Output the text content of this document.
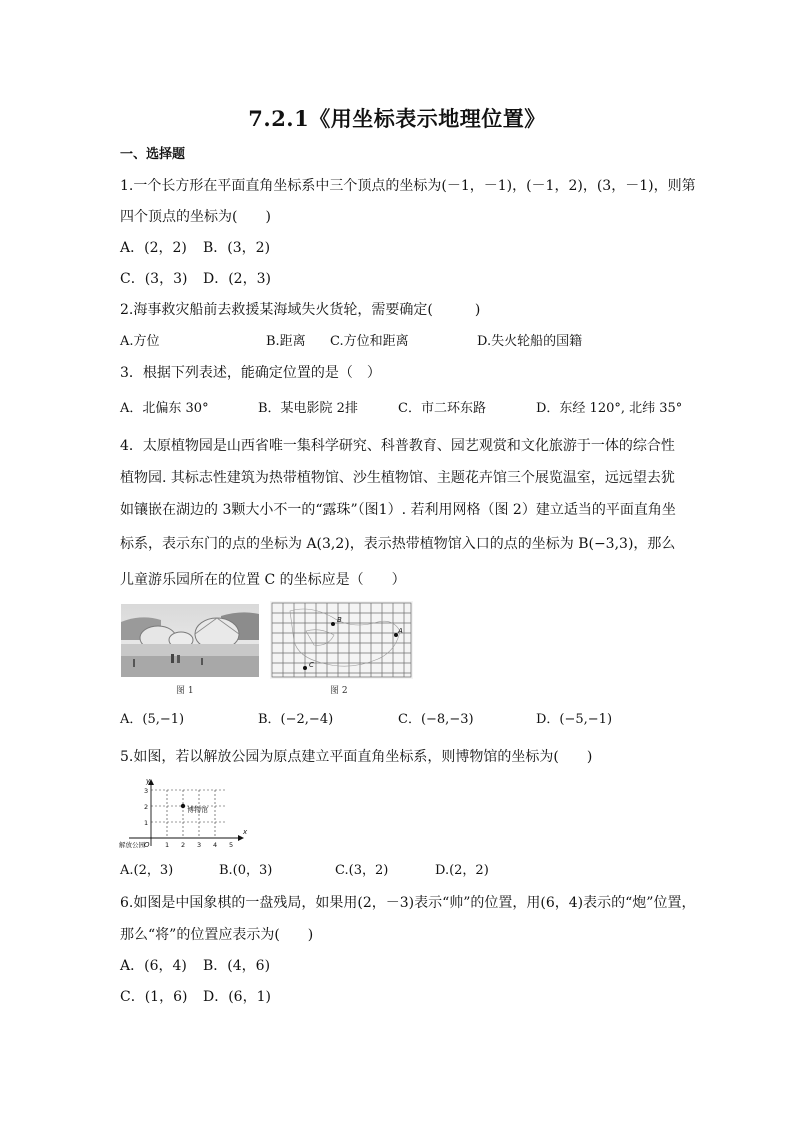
7.2.1《用坐标表示地理位置》
一、选择题
1.一个长方形在平面直角坐标系中三个顶点的坐标为(－1，－1)，(－1，2)，(3，－1)，则第
四个顶点的坐标为(　　)
A．(2，2) B．(3，2)
C．(3，3) D．(2，3)
2.海事救灾船前去救援某海域失火货轮，需要确定(　　　)
A.方位	B.距离 C.方位和距离	D.失火轮船的国籍
3．根据下列表述，能确定位置的是（　）
A．北偏东 30°	B．某电影院 2排	C．市二环东路	D．东经 120°, 北纬 35°
4．太原植物园是山西省唯一集科学研究、科普教育、园艺观赏和文化旅游于一体的综合性
植物园. 其标志性建筑为热带植物馆、沙生植物馆、主题花卉馆三个展览温室，远远望去犹
如镶嵌在湖边的 3颗大小不一的“露珠”（图1）. 若利用网格（图 2）建立适当的平面直角坐
标系，表示东门的点的坐标为 A(3,2)，表示热带植物馆入口的点的坐标为 B(−3,3)，那么
儿童游乐园所在的位置 C 的坐标应是（　　）
图 1
B
A
C
图 2
A．(5,−1)	B．(−2,−4)	C．(−8,−3)	D．(−5,−1)
5.如图，若以解放公园为原点建立平面直角坐标系，则博物馆的坐标为(　　)
y
x
O
解放公园	1 2 3 4 5
1
2
3
博物馆
A.(2，3)	B.(0，3)	C.(3，2)	D.(2，2)
6.如图是中国象棋的一盘残局，如果用(2，－3)表示“帅”的位置，用(6，4)表示的“炮”位置，
那么“将”的位置应表示为(　　)
A．(6，4) B．(4，6)
C．(1，6) D．(6，1)
